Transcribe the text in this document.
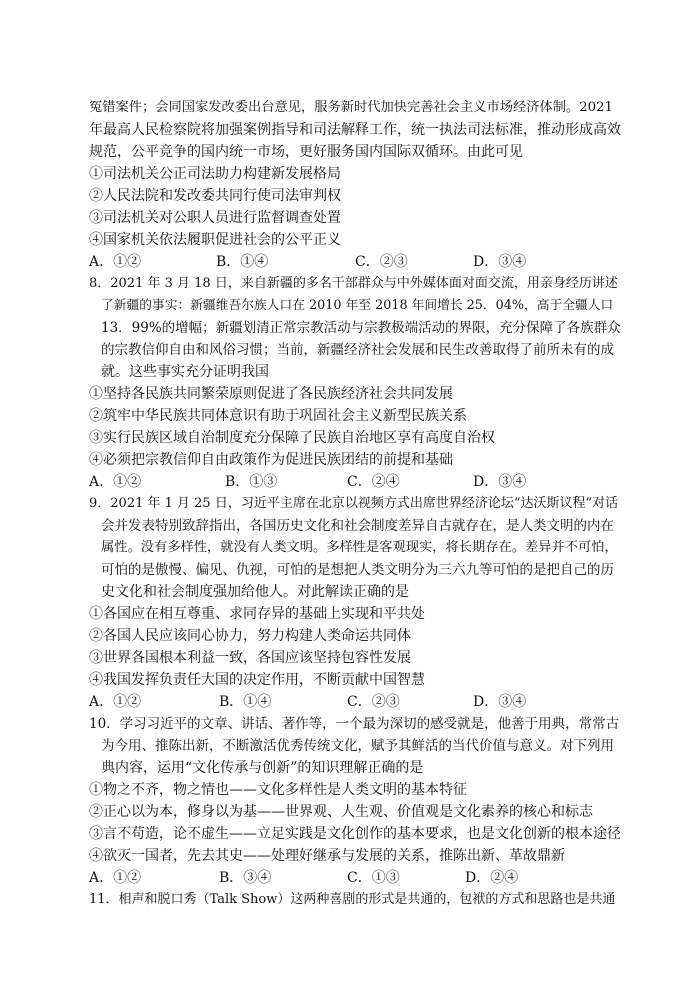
冤错案件；会同国家发改委出台意见，服务新时代加快完善社会主义市场经济体制。2021
年最高人民检察院将加强案例指导和司法解释工作，统一执法司法标准，推动形成高效
规范，公平竞争的国内统一市场，更好服务国内国际双循环。由此可见
①司法机关公正司法助力构建新发展格局
②人民法院和发改委共同行使司法审判权
③司法机关对公职人员进行监督调查处置
④国家机关依法履职促进社会的公平正义
A．①②	B．①④	C．②③	D．③④
8．2021 年 3 月 18 日，来自新疆的多名干部群众与中外媒体面对面交流，用亲身经历讲述
了新疆的事实：新疆维吾尔族人口在 2010 年至 2018 年间增长 25．04%，高于全疆人口
13．99%的增幅；新疆划清正常宗教活动与宗教极端活动的界限，充分保障了各族群众
的宗教信仰自由和风俗习惯；当前，新疆经济社会发展和民生改善取得了前所未有的成
就。这些事实充分证明我国
①坚持各民族共同繁荣原则促进了各民族经济社会共同发展
②筑牢中华民族共同体意识有助于巩固社会主义新型民族关系
③实行民族区域自治制度充分保障了民族自治地区享有高度自治权
④必须把宗教信仰自由政策作为促进民族团结的前提和基础
A．①②	B．①③	C．②④	D．③④
9．2021 年 1 月 25 日，习近平主席在北京以视频方式出席世界经济论坛“达沃斯议程”对话
会并发表特别致辞指出，各国历史文化和社会制度差异自古就存在，是人类文明的内在
属性。没有多样性，就没有人类文明。多样性是客观现实，将长期存在。差异并不可怕，
可怕的是傲慢、偏见、仇视，可怕的是想把人类文明分为三六九等可怕的是把自己的历
史文化和社会制度强加给他人。对此解读正确的是
①各国应在相互尊重、求同存异的基础上实现和平共处
②各国人民应该同心协力，努力构建人类命运共同体
③世界各国根本利益一致，各国应该坚持包容性发展
④我国发挥负责任大国的决定作用，不断贡献中国智慧
A．①②	B．①④	C．②③	D．③④
10．学习习近平的文章、讲话、著作等，一个最为深切的感受就是，他善于用典，常常古
为今用、推陈出新，不断激活优秀传统文化，赋予其鲜活的当代价值与意义。对下列用
典内容，运用“文化传承与创新”的知识理解正确的是
①物之不齐，物之情也——文化多样性是人类文明的基本特征
②正心以为本，修身以为基——世界观、人生观、价值观是文化素养的核心和标志
③言不苟造，论不虚生——立足实践是文化创作的基本要求，也是文化创新的根本途径
④欲灭一国者，先去其史——处理好继承与发展的关系，推陈出新、革故鼎新
A．①②	B．③④	C．①③	D．②④
11．相声和脱口秀（Talk Show）这两种喜剧的形式是共通的，包袱的方式和思路也是共通
